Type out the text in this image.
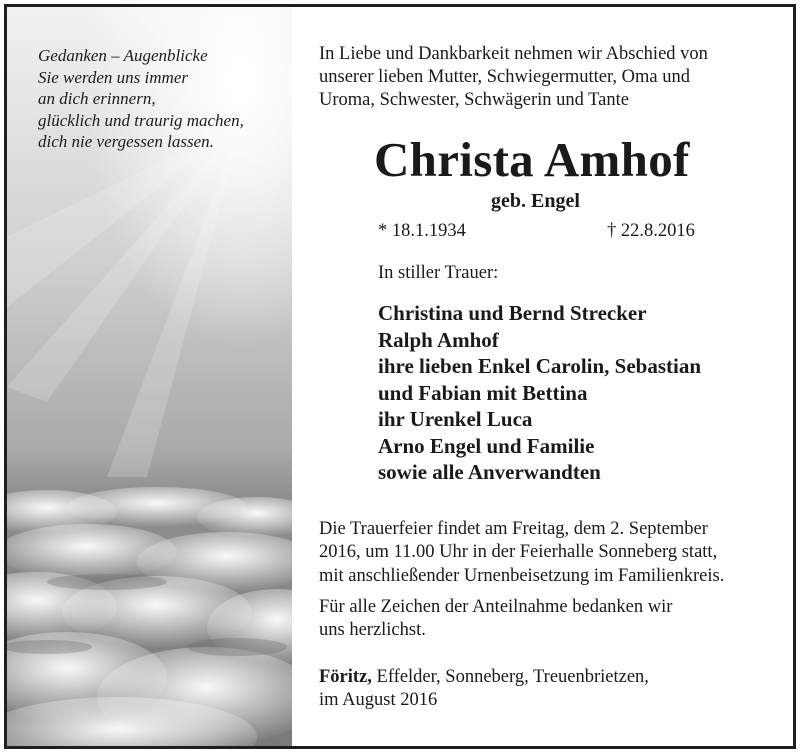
Gedanken – Augenblicke
Sie werden uns immer
an dich erinnern,
glücklich und traurig machen,
dich nie vergessen lassen.

In Liebe und Dankbarkeit nehmen wir Abschied von
unserer lieben Mutter, Schwiegermutter, Oma und
Uroma, Schwester, Schwägerin und Tante

Christa Amhof

geb. Engel

* 18.1.1934	† 22.8.2016
In stiller Trauer:
Christina und Bernd Strecker
Ralph Amhof
ihre lieben Enkel Carolin, Sebastian
und Fabian mit Bettina
ihr Urenkel Luca
Arno Engel und Familie
sowie alle Anverwandten

Die Trauerfeier findet am Freitag, dem 2. September
2016, um 11.00 Uhr in der Feierhalle Sonneberg statt,
mit anschließender Urnenbeisetzung im Familienkreis.

Für alle Zeichen der Anteilnahme bedanken wir
uns herzlichst.

Föritz, Effelder, Sonneberg, Treuenbrietzen,
im August 2016
